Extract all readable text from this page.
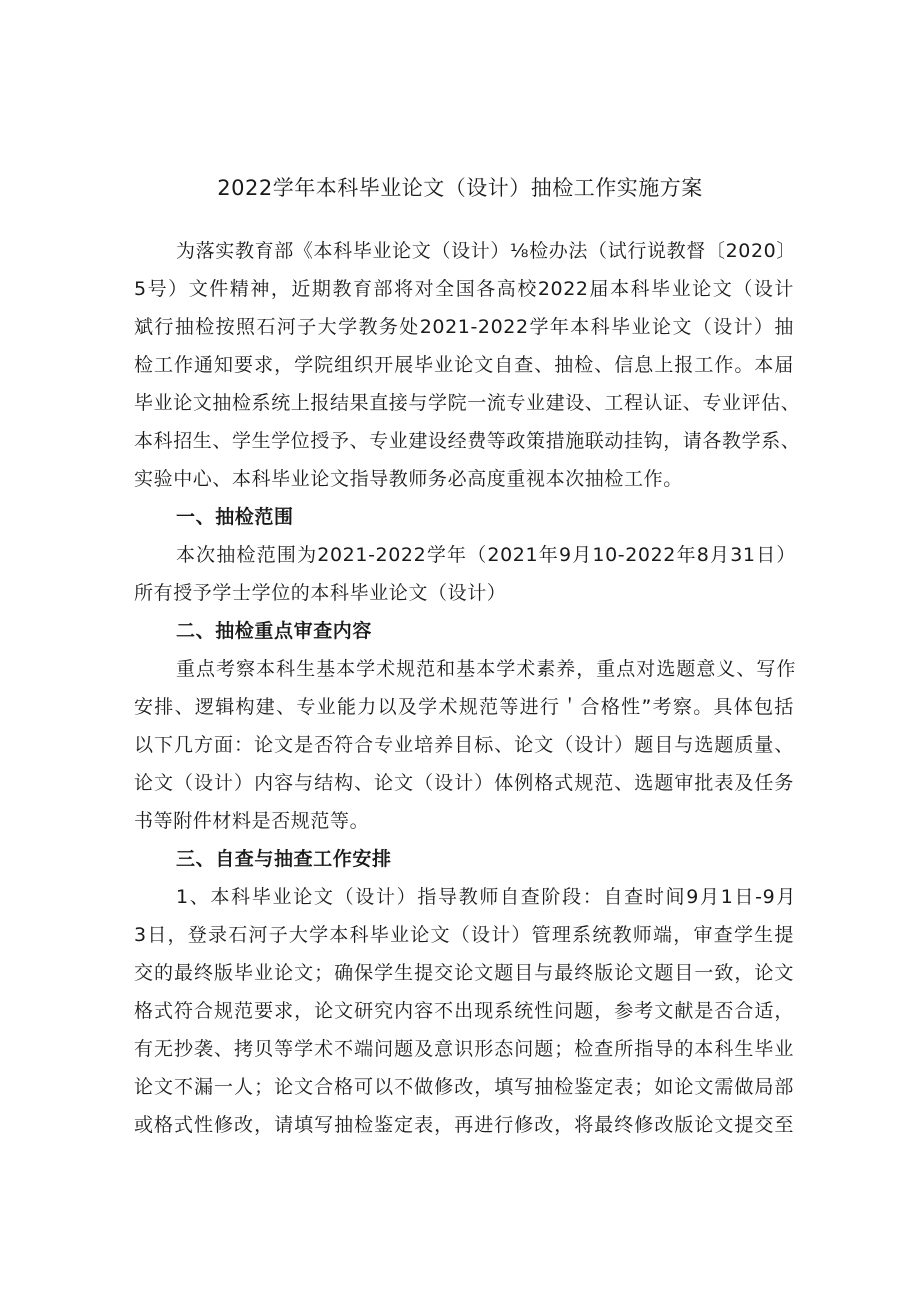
2022学年本科毕业论文（设计）抽检工作实施方案
为落实教育部《本科毕业论文（设计）⅛检办法（试行说教督〔2020〕
5号）文件精神，近期教育部将对全国各高校2022届本科毕业论文（设计
斌行抽检按照石河子大学教务处2021-2022学年本科毕业论文（设计）抽
检工作通知要求，学院组织开展毕业论文自查、抽检、信息上报工作。本届
毕业论文抽检系统上报结果直接与学院一流专业建设、工程认证、专业评估、
本科招生、学生学位授予、专业建设经费等政策措施联动挂钩，请各教学系、
实验中心、本科毕业论文指导教师务必高度重视本次抽检工作。
一、抽检范围
本次抽检范围为2021-2022学年（2021年9月10-2022年8月31日）
所有授予学士学位的本科毕业论文（设计）
二、抽检重点审查内容
重点考察本科生基本学术规范和基本学术素养，重点对选题意义、写作
安排、逻辑构建、专业能力以及学术规范等进行＇合格性”考察。具体包括
以下几方面：论文是否符合专业培养目标、论文（设计）题目与选题质量、
论文（设计）内容与结构、论文（设计）体例格式规范、选题审批表及任务
书等附件材料是否规范等。
三、自查与抽查工作安排
1、本科毕业论文（设计）指导教师自查阶段：自查时间9月1日-9月
3日，登录石河子大学本科毕业论文（设计）管理系统教师端，审查学生提
交的最终版毕业论文；确保学生提交论文题目与最终版论文题目一致，论文
格式符合规范要求，论文研究内容不出现系统性问题，参考文献是否合适，
有无抄袭、拷贝等学术不端问题及意识形态问题；检查所指导的本科生毕业
论文不漏一人；论文合格可以不做修改，填写抽检鉴定表；如论文需做局部
或格式性修改，请填写抽检鉴定表，再进行修改，将最终修改版论文提交至
